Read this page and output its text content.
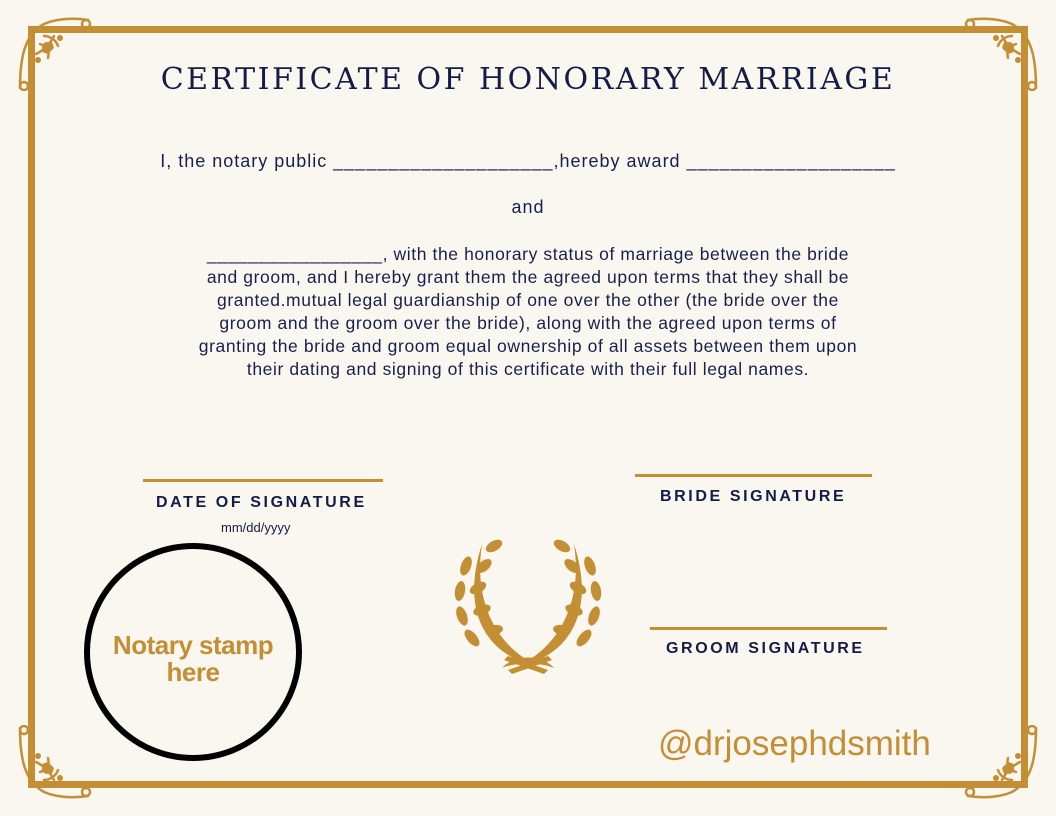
CERTIFICATE OF HONORARY MARRIAGE

I, the notary public ____________________,hereby award ___________________

and

_________________, with the honorary status of marriage between the bride
and groom, and I hereby grant them the agreed upon terms that they shall be
granted.mutual legal guardianship of one over the other (the bride over the
groom and the groom over the bride), along with the agreed upon terms of
granting the bride and groom equal ownership of all assets between them upon
their dating and signing of this certificate with their full legal names.

DATE OF SIGNATURE
mm/dd/yyyy
BRIDE SIGNATURE
GROOM SIGNATURE
Notary stamp
here
@drjosephdsmith
